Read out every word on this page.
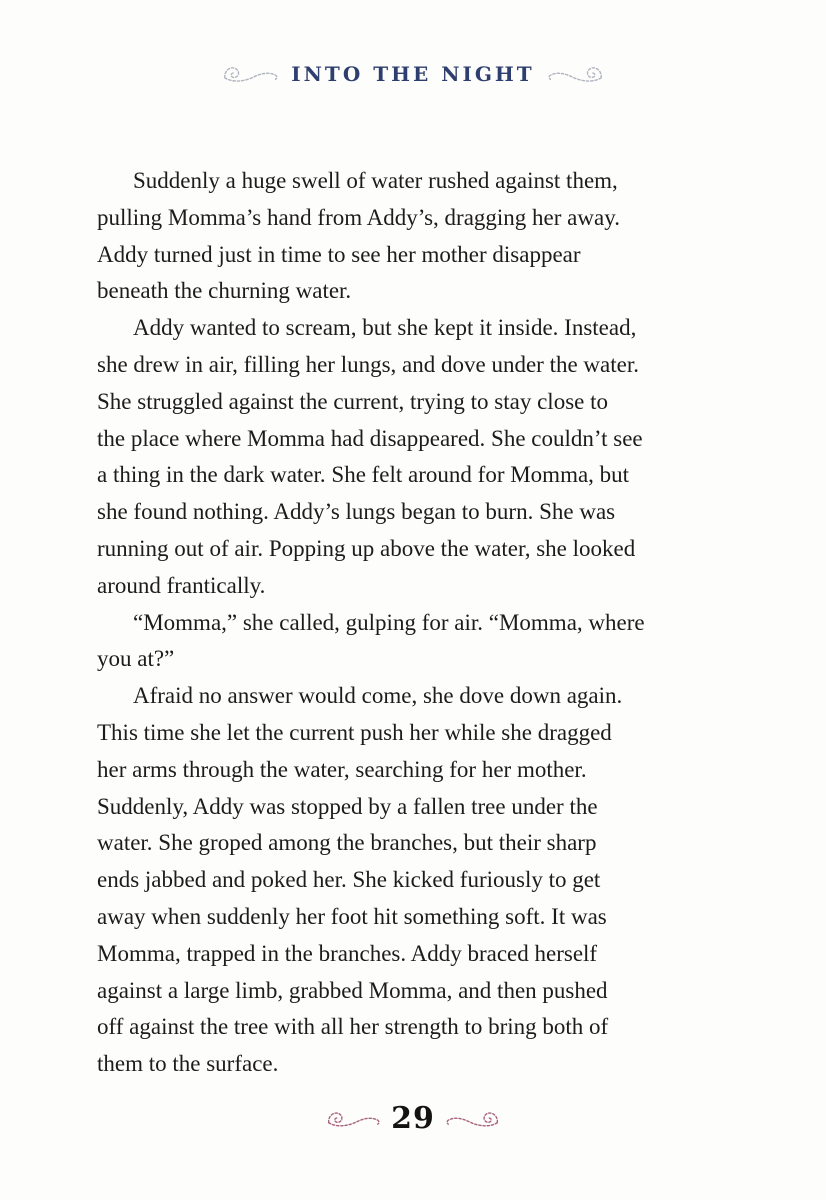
INTO THE NIGHT

Suddenly a huge swell of water rushed against them,
pulling Momma’s hand from Addy’s, dragging her away.
Addy turned just in time to see her mother disappear
beneath the churning water.

Addy wanted to scream, but she kept it inside. Instead,
she drew in air, filling her lungs, and dove under the water.
She struggled against the current, trying to stay close to
the place where Momma had disappeared. She couldn’t see
a thing in the dark water. She felt around for Momma, but
she found nothing. Addy’s lungs began to burn. She was
running out of air. Popping up above the water, she looked
around frantically.

“Momma,” she called, gulping for air. “Momma, where
you at?”

Afraid no answer would come, she dove down again.
This time she let the current push her while she dragged
her arms through the water, searching for her mother.
Suddenly, Addy was stopped by a fallen tree under the
water. She groped among the branches, but their sharp
ends jabbed and poked her. She kicked furiously to get
away when suddenly her foot hit something soft. It was
Momma, trapped in the branches. Addy braced herself
against a large limb, grabbed Momma, and then pushed
off against the tree with all her strength to bring both of
them to the surface.

29
